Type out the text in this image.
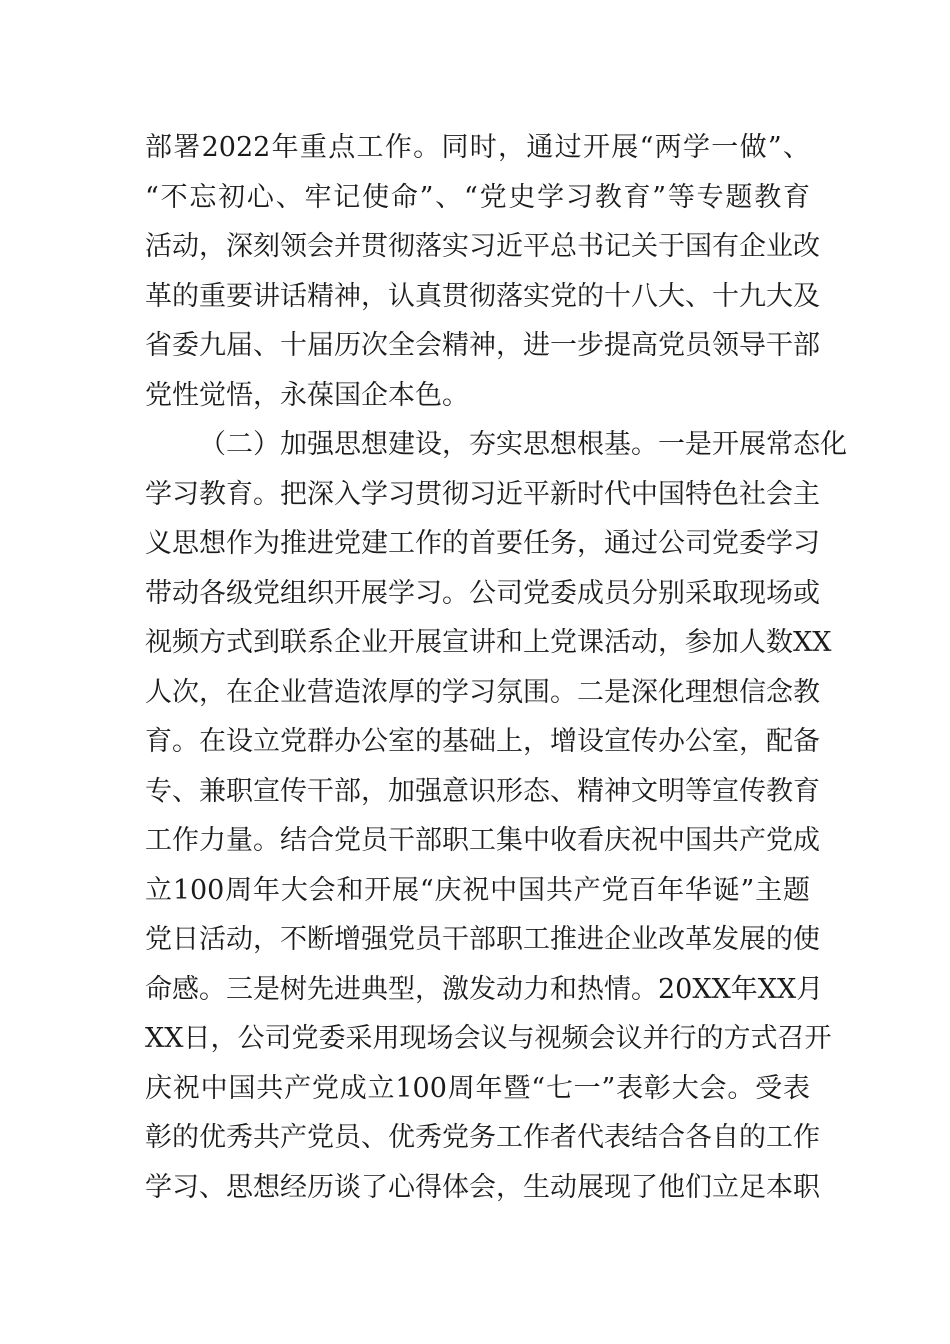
部署2022年重点工作。同时，通过开展“两学一做”、
“不忘初心、牢记使命”、“党史学习教育”等专题教育
活动，深刻领会并贯彻落实习近平总书记关于国有企业改
革的重要讲话精神，认真贯彻落实党的十八大、十九大及
省委九届、十届历次全会精神，进一步提高党员领导干部
党性觉悟，永葆国企本色。
（二）加强思想建设，夯实思想根基。一是开展常态化
学习教育。把深入学习贯彻习近平新时代中国特色社会主
义思想作为推进党建工作的首要任务，通过公司党委学习
带动各级党组织开展学习。公司党委成员分别采取现场或
视频方式到联系企业开展宣讲和上党课活动，参加人数XX
人次，在企业营造浓厚的学习氛围。二是深化理想信念教
育。在设立党群办公室的基础上，增设宣传办公室，配备
专、兼职宣传干部，加强意识形态、精神文明等宣传教育
工作力量。结合党员干部职工集中收看庆祝中国共产党成
立100周年大会和开展“庆祝中国共产党百年华诞”主题
党日活动，不断增强党员干部职工推进企业改革发展的使
命感。三是树先进典型，激发动力和热情。20XX年XX月
XX日，公司党委采用现场会议与视频会议并行的方式召开
庆祝中国共产党成立100周年暨“七一”表彰大会。受表
彰的优秀共产党员、优秀党务工作者代表结合各自的工作
学习、思想经历谈了心得体会，生动展现了他们立足本职
